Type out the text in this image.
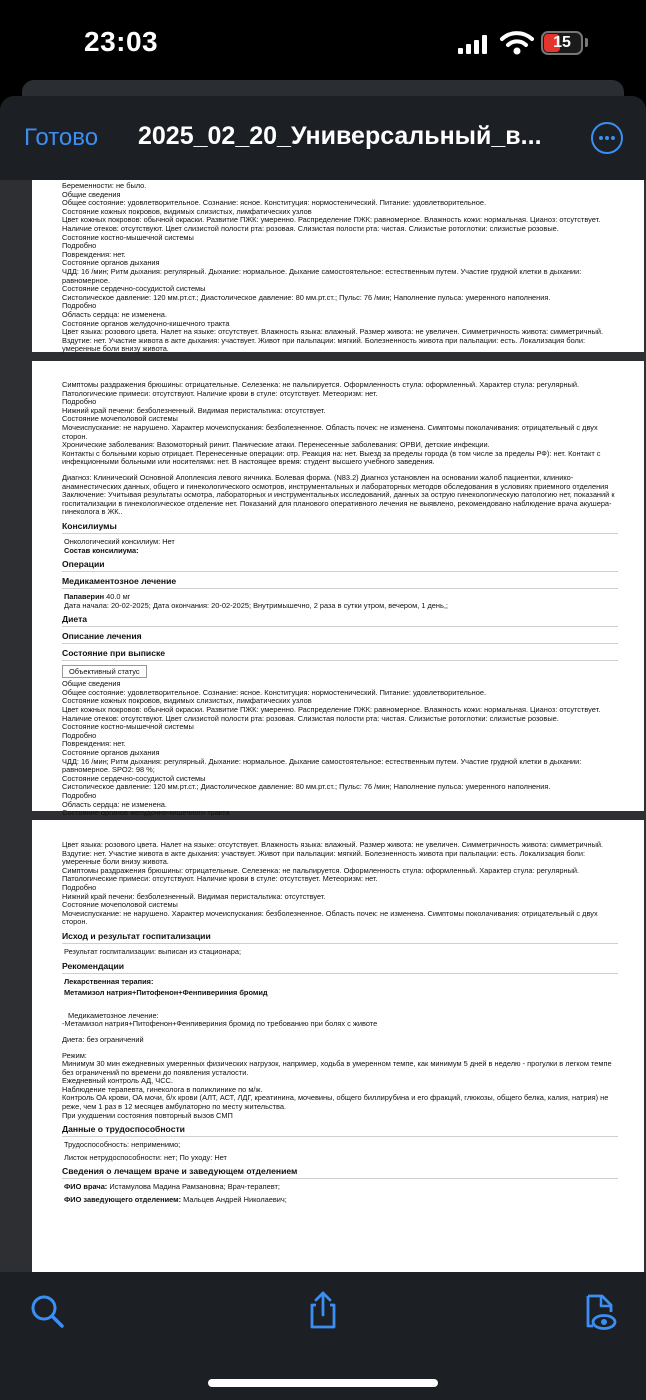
23:03	15
Готово 2025_02_20_Универсальный_в...
Беременности: не было.
Общие сведения
Общее состояние: удовлетворительное. Сознание: ясное. Конституция: нормостенический. Питание: удовлетворительное.
Состояние кожных покровов, видимых слизистых, лимфатических узлов
Цвет кожных покровов: обычной окраски. Развитие ПЖК: умеренно. Распределение ПЖК: равномерное. Влажность кожи: нормальная. Цианоз: отсутствует. Наличие отеков: отсутствуют. Цвет слизистой полости рта: розовая. Слизистая полости рта: чистая. Слизистые ротоглотки: слизистые розовые.
Состояние костно-мышечной системы
Подробно
Повреждения: нет.
Состояние органов дыхания
ЧДД: 16 /мин; Ритм дыхания: регулярный. Дыхание: нормальное. Дыхание самостоятельное: естественным путем. Участие грудной клетки в дыхании: равномерное.
Состояние сердечно-сосудистой системы
Систолическое давление: 120 мм.рт.ст.; Диастолическое давление: 80 мм.рт.ст.; Пульс: 76 /мин; Наполнение пульса: умеренного наполнения.
Подробно
Область сердца: не изменена.
Состояние органов желудочно-кишечного тракта
Цвет языка: розового цвета. Налет на языке: отсутствует. Влажность языка: влажный. Размер живота: не увеличен. Симметричность живота: симметричный. Вздутие: нет. Участие живота в акте дыхания: участвует. Живот при пальпации: мягкий. Болезненность живота при пальпации: есть. Локализация боли: умеренные боли внизу живота.
Симптомы раздражения брюшины: отрицательные. Селезенка: не пальпируется. Оформленность стула: оформленный. Характер стула: регулярный. Патологические примеси: отсутствуют. Наличие крови в стуле: отсутствует. Метеоризм: нет.
Подробно
Нижний край печени: безболезненный. Видимая перистальтика: отсутствует.
Состояние мочеполовой системы
Мочеиспускание: не нарушено. Характер мочеиспускания: безболезненное. Область почек: не изменена. Симптомы поколачивания: отрицательный с двух сторон.
Хронические заболевания: Вазомоторный ринит. Панические атаки. Перенесенные заболевания: ОРВИ, детские инфекции.
Контакты с больными корью отрицает. Перенесенные операции: отр. Реакция на: нет. Выезд за пределы города (в том числе за пределы РФ): нет. Контакт с инфекционными больными или носителями: нет. В настоящее время: студент высшего учебного заведения.
Диагноз: Клинический Основной Апоплексия левого яичника. Болевая форма. (N83.2) Диагноз установлен на основании жалоб пациентки, клинико-анамнестических данных, общего и гинекологического осмотров, инструментальных и лабораторных методов обследования в условиях приемного отделения
Заключение: Учитывая результаты осмотра, лабораторных и инструментальных исследований, данных за острую гинекологическую патологию нет, показаний к госпитализации в гинекологическое отделение нет. Показаний для планового оперативного лечения не выявлено, рекомендовано наблюдение врача акушера-гинеколога в ЖК..
Консилиумы
Онкологический консилиум: Нет
Состав консилиума:
Операции
Медикаментозное лечение
Папаверин 40.0 мг
Дата начала: 20-02-2025; Дата окончания: 20-02-2025; Внутримышечно, 2 раза в сутки утром, вечером, 1 день,;
Диета
Описание лечения
Состояние при выписке
Объективный статус
Общие сведения
Общее состояние: удовлетворительное. Сознание: ясное. Конституция: нормостенический. Питание: удовлетворительное.
Состояние кожных покровов, видимых слизистых, лимфатических узлов
Цвет кожных покровов: обычной окраски. Развитие ПЖК: умеренно. Распределение ПЖК: равномерное. Влажность кожи: нормальная. Цианоз: отсутствует. Наличие отеков: отсутствуют. Цвет слизистой полости рта: розовая. Слизистая полости рта: чистая. Слизистые ротоглотки: слизистые розовые.
Состояние костно-мышечной системы
Подробно
Повреждения: нет.
Состояние органов дыхания
ЧДД: 16 /мин; Ритм дыхания: регулярный. Дыхание: нормальное. Дыхание самостоятельное: естественным путем. Участие грудной клетки в дыхании: равномерное. SPO2: 98 %;
Состояние сердечно-сосудистой системы
Систолическое давление: 120 мм.рт.ст.; Диастолическое давление: 80 мм.рт.ст.; Пульс: 76 /мин; Наполнение пульса: умеренного наполнения.
Подробно
Область сердца: не изменена.
Состояние органов желудочно-кишечного тракта
Цвет языка: розового цвета. Налет на языке: отсутствует. Влажность языка: влажный. Размер живота: не увеличен. Симметричность живота: симметричный. Вздутие: нет. Участие живота в акте дыхания: участвует. Живот при пальпации: мягкий. Болезненность живота при пальпации: есть. Локализация боли: умеренные боли внизу живота.
Симптомы раздражения брюшины: отрицательные. Селезенка: не пальпируется. Оформленность стула: оформленный. Характер стула: регулярный. Патологические примеси: отсутствуют. Наличие крови в стуле: отсутствует. Метеоризм: нет.
Подробно
Нижний край печени: безболезненный. Видимая перистальтика: отсутствует.
Состояние мочеполовой системы
Мочеиспускание: не нарушено. Характер мочеиспускания: безболезненное. Область почек: не изменена. Симптомы поколачивания: отрицательный с двух сторон.
Исход и результат госпитализации
Результат госпитализации: выписан из стационара;
Рекомендации
Лекарственная терапия:
Метамизол натрия+Питофенон+Фенпивериния бромид
Медикаметозное лечение:
-Метамизол натрия+Питофенон+Фенпивериния бромид по требованию при болях с животе
Диета: без ограничений
Режим:
Минимум 30 мин ежедневных умеренных физических нагрузок, например, ходьба в умеренном темпе, как минимум 5 дней в неделю - прогулки в легком темпе без ограничений по времени до появления усталости.
Ежедневный контроль АД, ЧСС.
Наблюдение терапевта, гинеколога в поликлинике по м/ж.
Контроль ОА крови, ОА мочи, б/х крови (АЛТ, АСТ, ЛДГ, креатинина, мочевины, общего биллирубина и его фракций, глюкозы, общего белка, калия, натрия) не реже, чем 1 раз в 12 месяцев амбулаторно по месту жительства.
При ухудшении состояния повторный вызов СМП
Данные о трудоспособности
Трудоспособность: неприменимо;
Листок нетрудоспособности: нет; По уходу: Нет
Сведения о лечащем враче и заведующем отделением
ФИО врача: Истамулова Мадина Рамзановна; Врач-терапевт;
ФИО заведующего отделением: Мальцев Андрей Николаевич;
